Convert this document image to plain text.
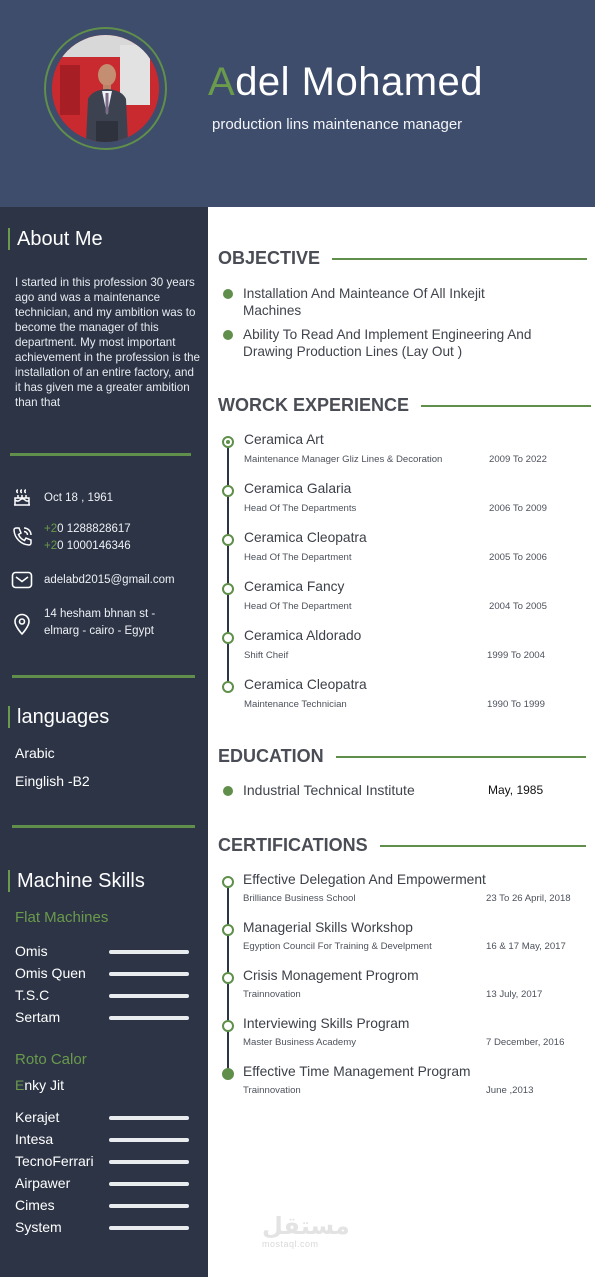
Adel Mohamed
production lins maintenance manager
About Me
I started in this profession 30 years ago and was a maintenance technician, and my ambition was to become the manager of this department. My most important achievement in the profession is the installation of an entire factory, and it has given me a greater ambition than that
Oct 18 , 1961
+20 1288828617
+20 1000146346
adelabd2015@gmail.com
14 hesham bhnan st - elmarg - cairo - Egypt
languages
Arabic
Einglish -B2
Machine Skills
Flat Machines
Omis
Omis Quen
T.S.C
Sertam
Roto Calor
Enky Jit
Kerajet
Intesa
TecnoFerrari
Airpawer
Cimes
System
OBJECTIVE
Installation And Mainteance Of All Inkejit Machines
Ability To Read And Implement Engineering And Drawing Production Lines (Lay Out )
WORCK EXPERIENCE
Ceramica Art
Maintenance Manager Gliz Lines & Decoration	2009 To 2022
Ceramica Galaria
Head Of The Departments	2006 To 2009
Ceramica Cleopatra
Head Of The Department	2005 To 2006
Ceramica Fancy
Head Of The Department	2004 To 2005
Ceramica Aldorado
Shift Cheif	1999 To 2004
Ceramica Cleopatra
Maintenance Technician	1990 To 1999
EDUCATION
Industrial Technical Institute	May, 1985
CERTIFICATIONS
Effective Delegation And Empowerment
Brilliance Business School	23 To 26 April, 2018
Managerial Skills Workshop
Egyption Council For Training & Develpment	16 & 17 May, 2017
Crisis Monagement Progrom
Trainnovation	13 July, 2017
Interviewing Skills Program
Master Business Academy	7 December, 2016
Effective Time Management Program
Trainnovation	June ,2013
مستقل
mostaql.com
